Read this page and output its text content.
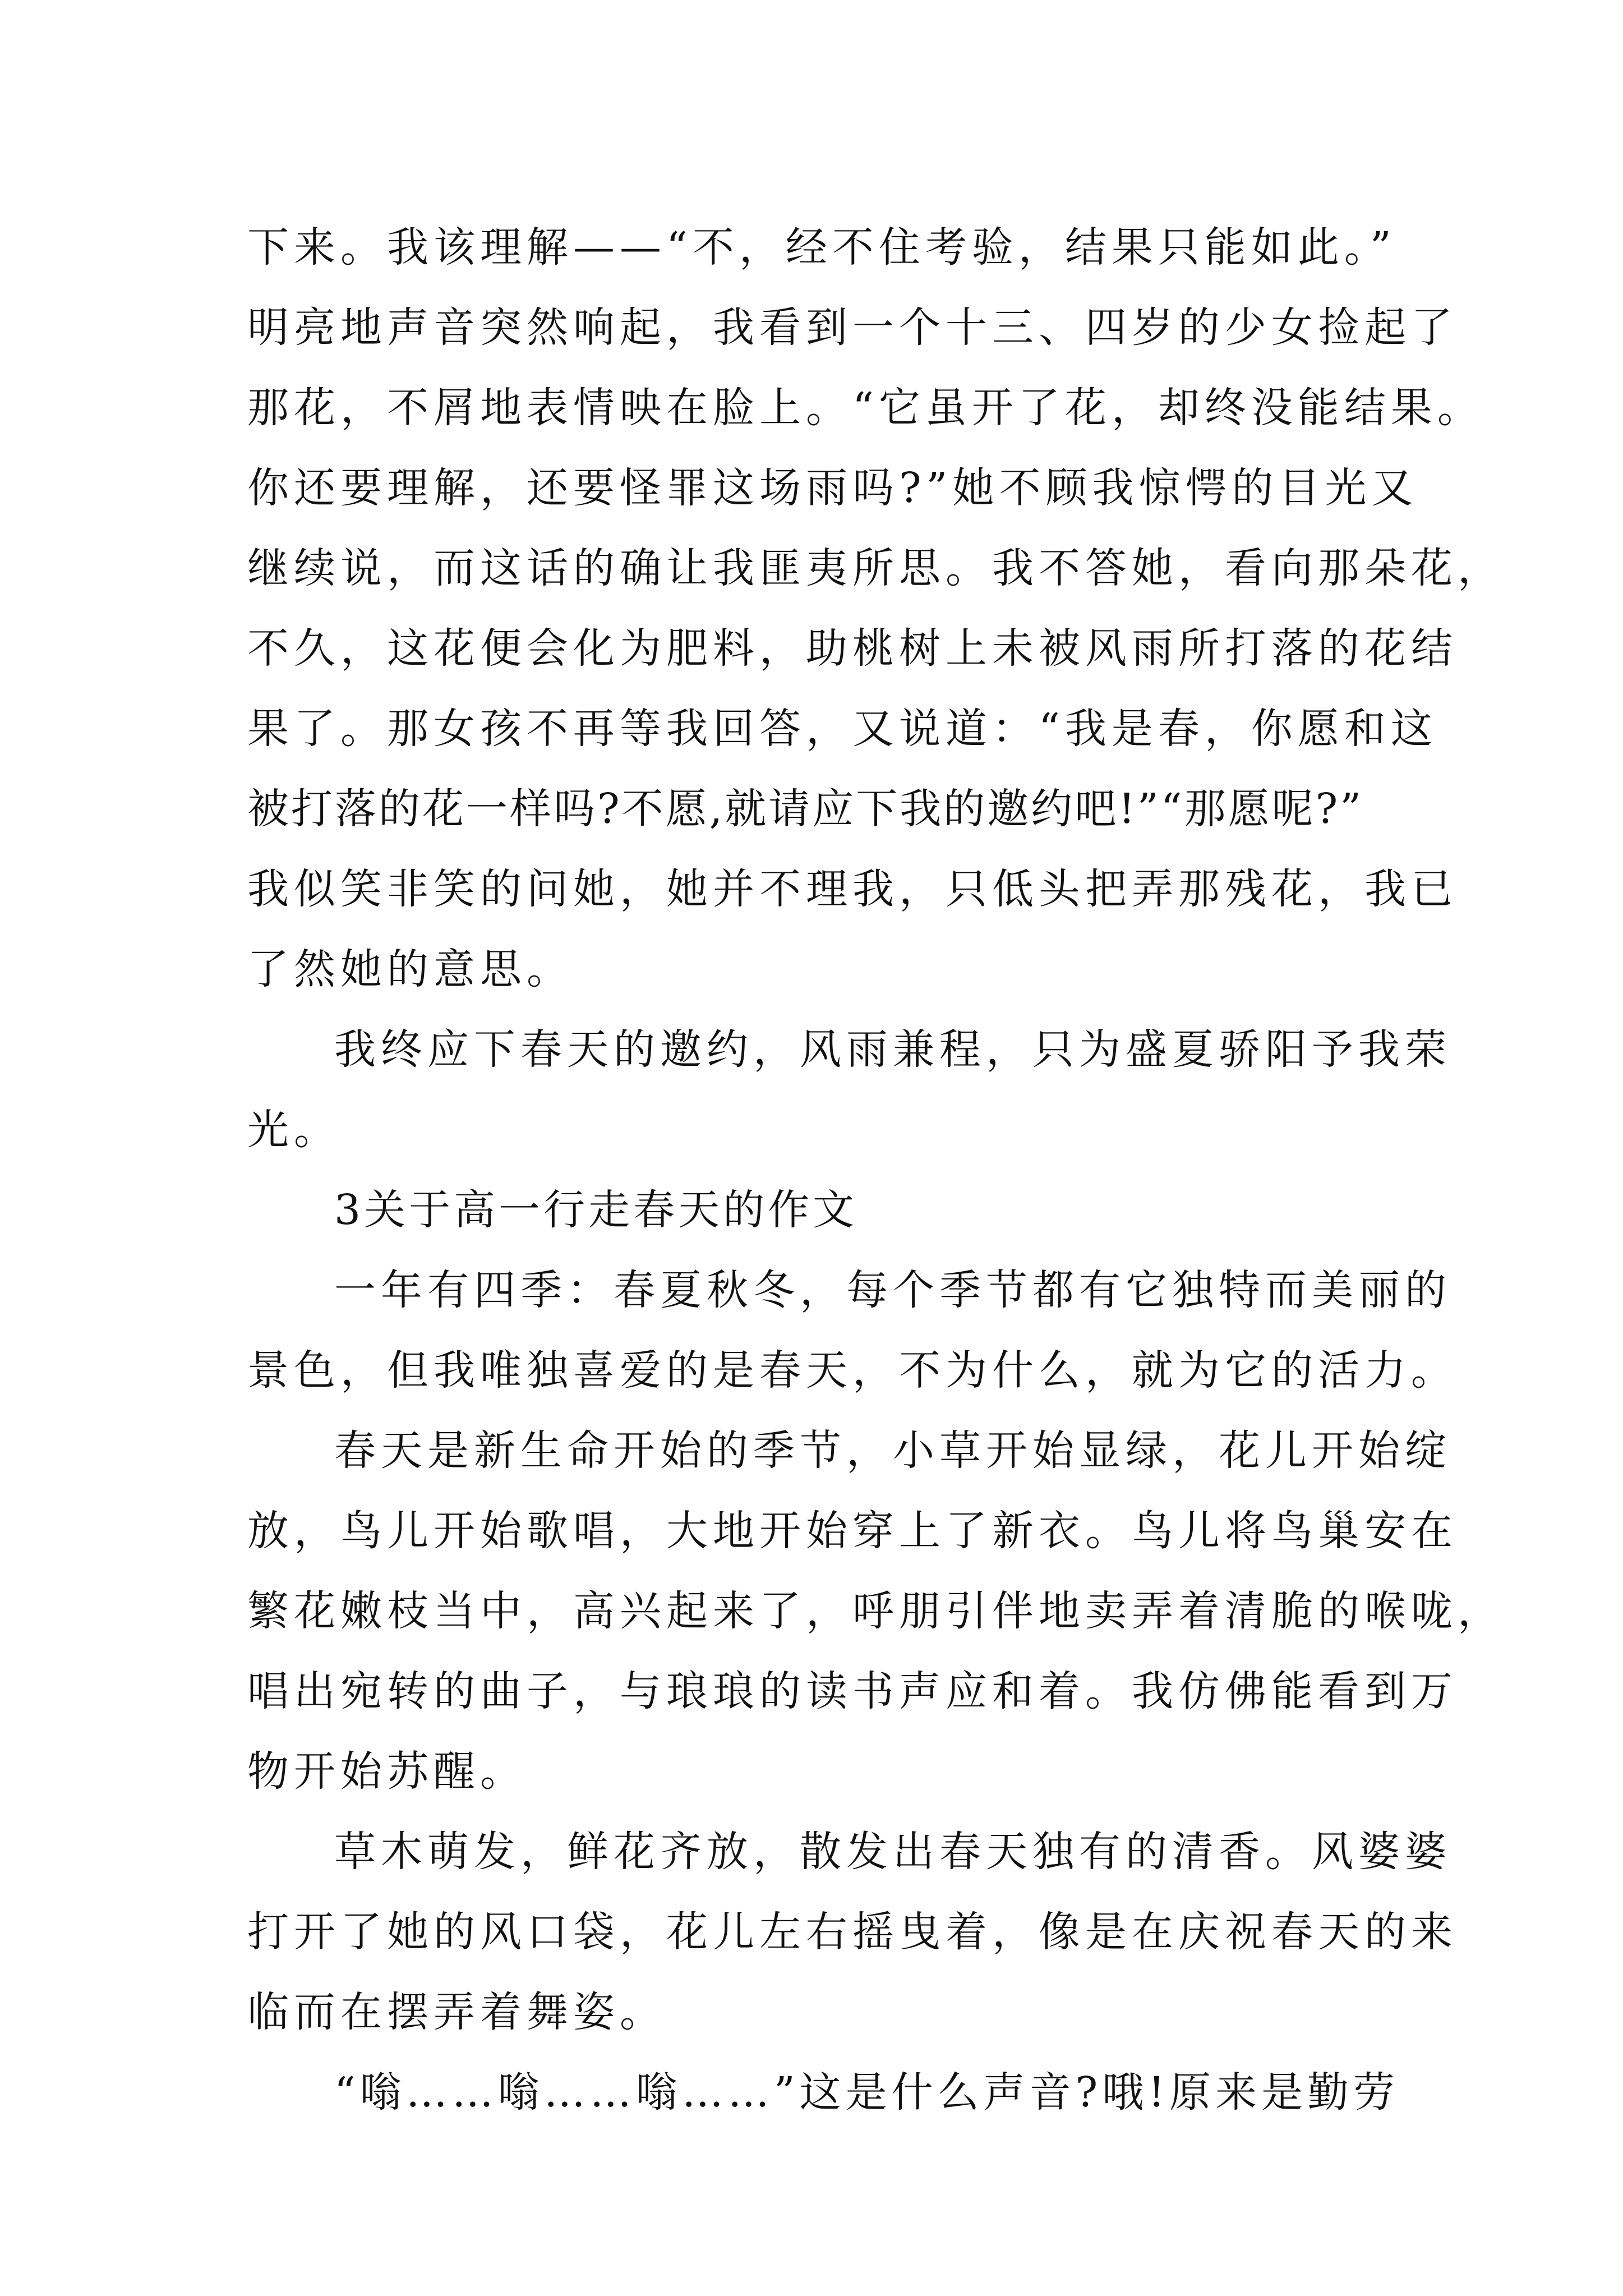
下来。我该理解——“不，经不住考验，结果只能如此。”
明亮地声音突然响起，我看到一个十三、四岁的少女捡起了
那花，不屑地表情映在脸上。“它虽开了花，却终没能结果。
你还要理解，还要怪罪这场雨吗?”她不顾我惊愕的目光又
继续说，而这话的确让我匪夷所思。我不答她，看向那朵花，
不久，这花便会化为肥料，助桃树上未被风雨所打落的花结
果了。那女孩不再等我回答，又说道：“我是春，你愿和这
被打落的花一样吗?不愿,就请应下我的邀约吧!”“那愿呢?”
我似笑非笑的问她，她并不理我，只低头把弄那残花，我已
了然她的意思。
我终应下春天的邀约，风雨兼程，只为盛夏骄阳予我荣
光。
3关于高一行走春天的作文
一年有四季：春夏秋冬，每个季节都有它独特而美丽的
景色，但我唯独喜爱的是春天，不为什么，就为它的活力。
春天是新生命开始的季节，小草开始显绿，花儿开始绽
放，鸟儿开始歌唱，大地开始穿上了新衣。鸟儿将鸟巢安在
繁花嫩枝当中，高兴起来了，呼朋引伴地卖弄着清脆的喉咙，
唱出宛转的曲子，与琅琅的读书声应和着。我仿佛能看到万
物开始苏醒。
草木萌发，鲜花齐放，散发出春天独有的清香。风婆婆
打开了她的风口袋，花儿左右摇曳着，像是在庆祝春天的来
临而在摆弄着舞姿。
“嗡……嗡……嗡……”这是什么声音?哦!原来是勤劳
